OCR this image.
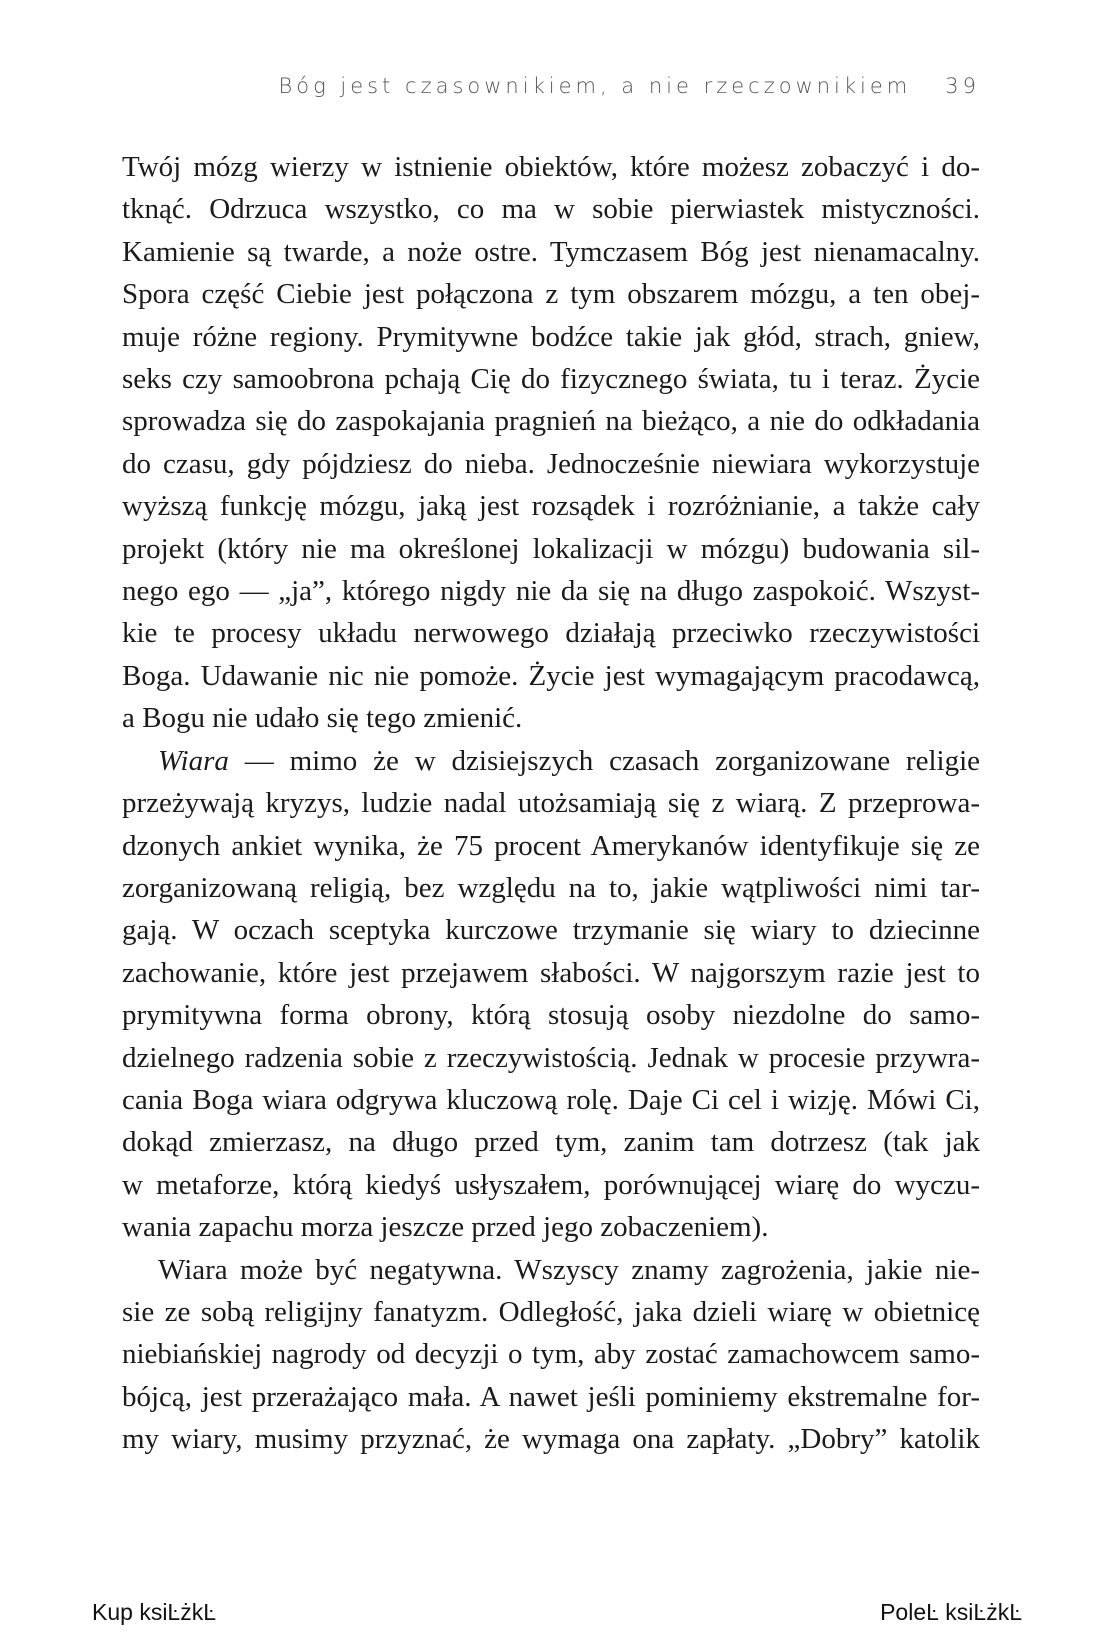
Bóg jest czasownikiem, a nie rzeczownikiem 39

Twój mózg wierzy w istnienie obiektów, które możesz zobaczyć i do-
tknąć. Odrzuca wszystko, co ma w sobie pierwiastek mistyczności.
Kamienie są twarde, a noże ostre. Tymczasem Bóg jest nienamacalny.
Spora część Ciebie jest połączona z tym obszarem mózgu, a ten obej-
muje różne regiony. Prymitywne bodźce takie jak głód, strach, gniew,
seks czy samoobrona pchają Cię do fizycznego świata, tu i teraz. Życie
sprowadza się do zaspokajania pragnień na bieżąco, a nie do odkładania
do czasu, gdy pójdziesz do nieba. Jednocześnie niewiara wykorzystuje
wyższą funkcję mózgu, jaką jest rozsądek i rozróżnianie, a także cały
projekt (który nie ma określonej lokalizacji w mózgu) budowania sil-
nego ego — „ja”, którego nigdy nie da się na długo zaspokoić. Wszyst-
kie te procesy układu nerwowego działają przeciwko rzeczywistości
Boga. Udawanie nic nie pomoże. Życie jest wymagającym pracodawcą,
a Bogu nie udało się tego zmienić.

Wiara — mimo że w dzisiejszych czasach zorganizowane religie
przeżywają kryzys, ludzie nadal utożsamiają się z wiarą. Z przeprowa-
dzonych ankiet wynika, że 75 procent Amerykanów identyfikuje się ze
zorganizowaną religią, bez względu na to, jakie wątpliwości nimi tar-
gają. W oczach sceptyka kurczowe trzymanie się wiary to dziecinne
zachowanie, które jest przejawem słabości. W najgorszym razie jest to
prymitywna forma obrony, którą stosują osoby niezdolne do samo-
dzielnego radzenia sobie z rzeczywistością. Jednak w procesie przywra-
cania Boga wiara odgrywa kluczową rolę. Daje Ci cel i wizję. Mówi Ci,
dokąd zmierzasz, na długo przed tym, zanim tam dotrzesz (tak jak
w metaforze, którą kiedyś usłyszałem, porównującej wiarę do wyczu-
wania zapachu morza jeszcze przed jego zobaczeniem).

Wiara może być negatywna. Wszyscy znamy zagrożenia, jakie nie-
sie ze sobą religijny fanatyzm. Odległość, jaka dzieli wiarę w obietnicę
niebiańskiej nagrody od decyzji o tym, aby zostać zamachowcem samo-
bójcą, jest przerażająco mała. A nawet jeśli pominiemy ekstremalne for-
my wiary, musimy przyznać, że wymaga ona zapłaty. „Dobry” katolik

Kup ksiĿżkĿ	PoleĿ ksiĿżkĿ
